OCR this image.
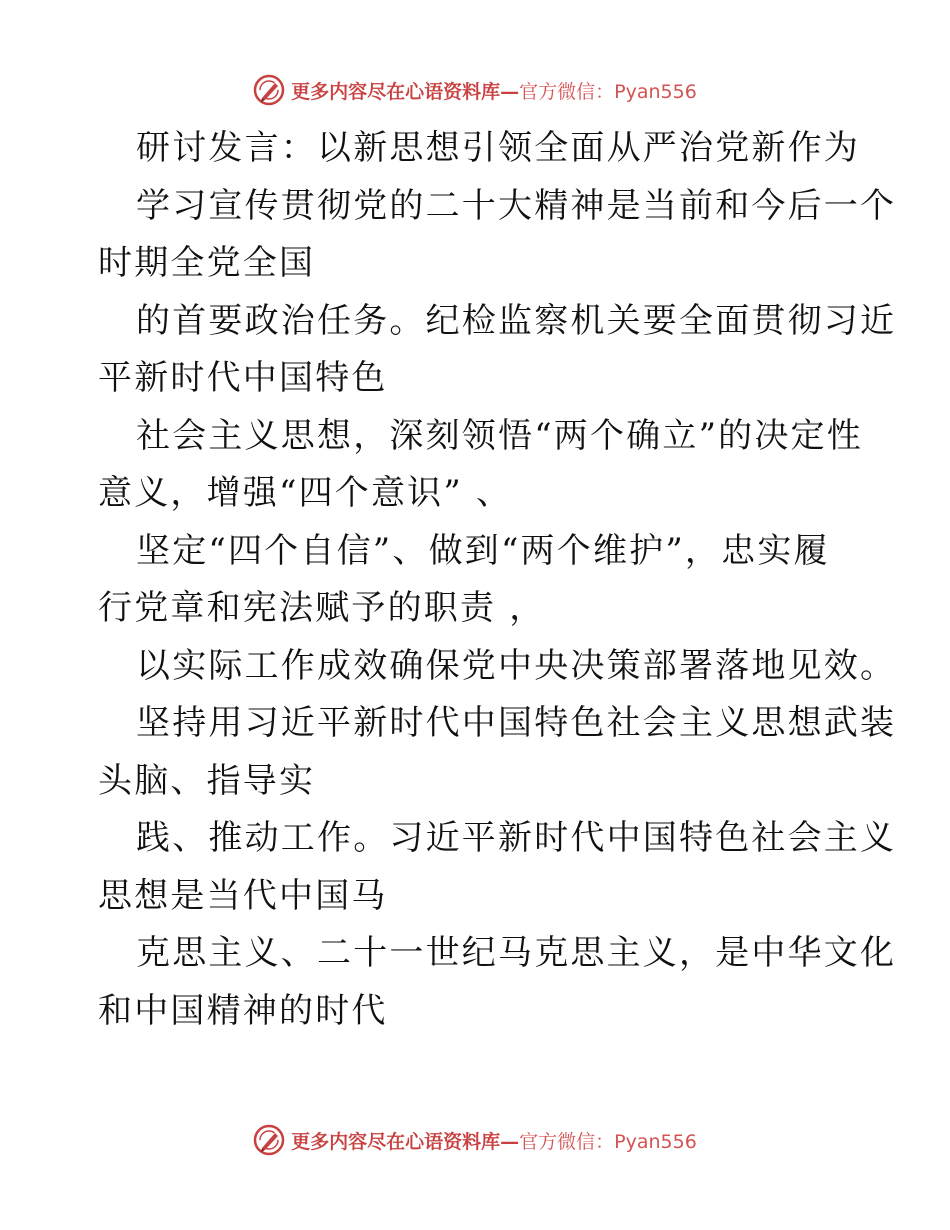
更多内容尽在心语资料库— 官方微信：Pyan556
研讨发言：以新思想引领全面从严治党新作为
学习宣传贯彻党的二十大精神是当前和今后一个
时期全党全国
的首要政治任务。纪检监察机关要全面贯彻习近
平新时代中国特色
社会主义思想，深刻领悟“两个确立”的决定性
意义，增强“四个意识” 、
坚定“四个自信”、做到“两个维护”，忠实履
行党章和宪法赋予的职责 ，
以实际工作成效确保党中央决策部署落地见效。
坚持用习近平新时代中国特色社会主义思想武装
头脑、指导实
践、推动工作。习近平新时代中国特色社会主义
思想是当代中国马
克思主义、二十一世纪马克思主义，是中华文化
和中国精神的时代
更多内容尽在心语资料库— 官方微信：Pyan556
